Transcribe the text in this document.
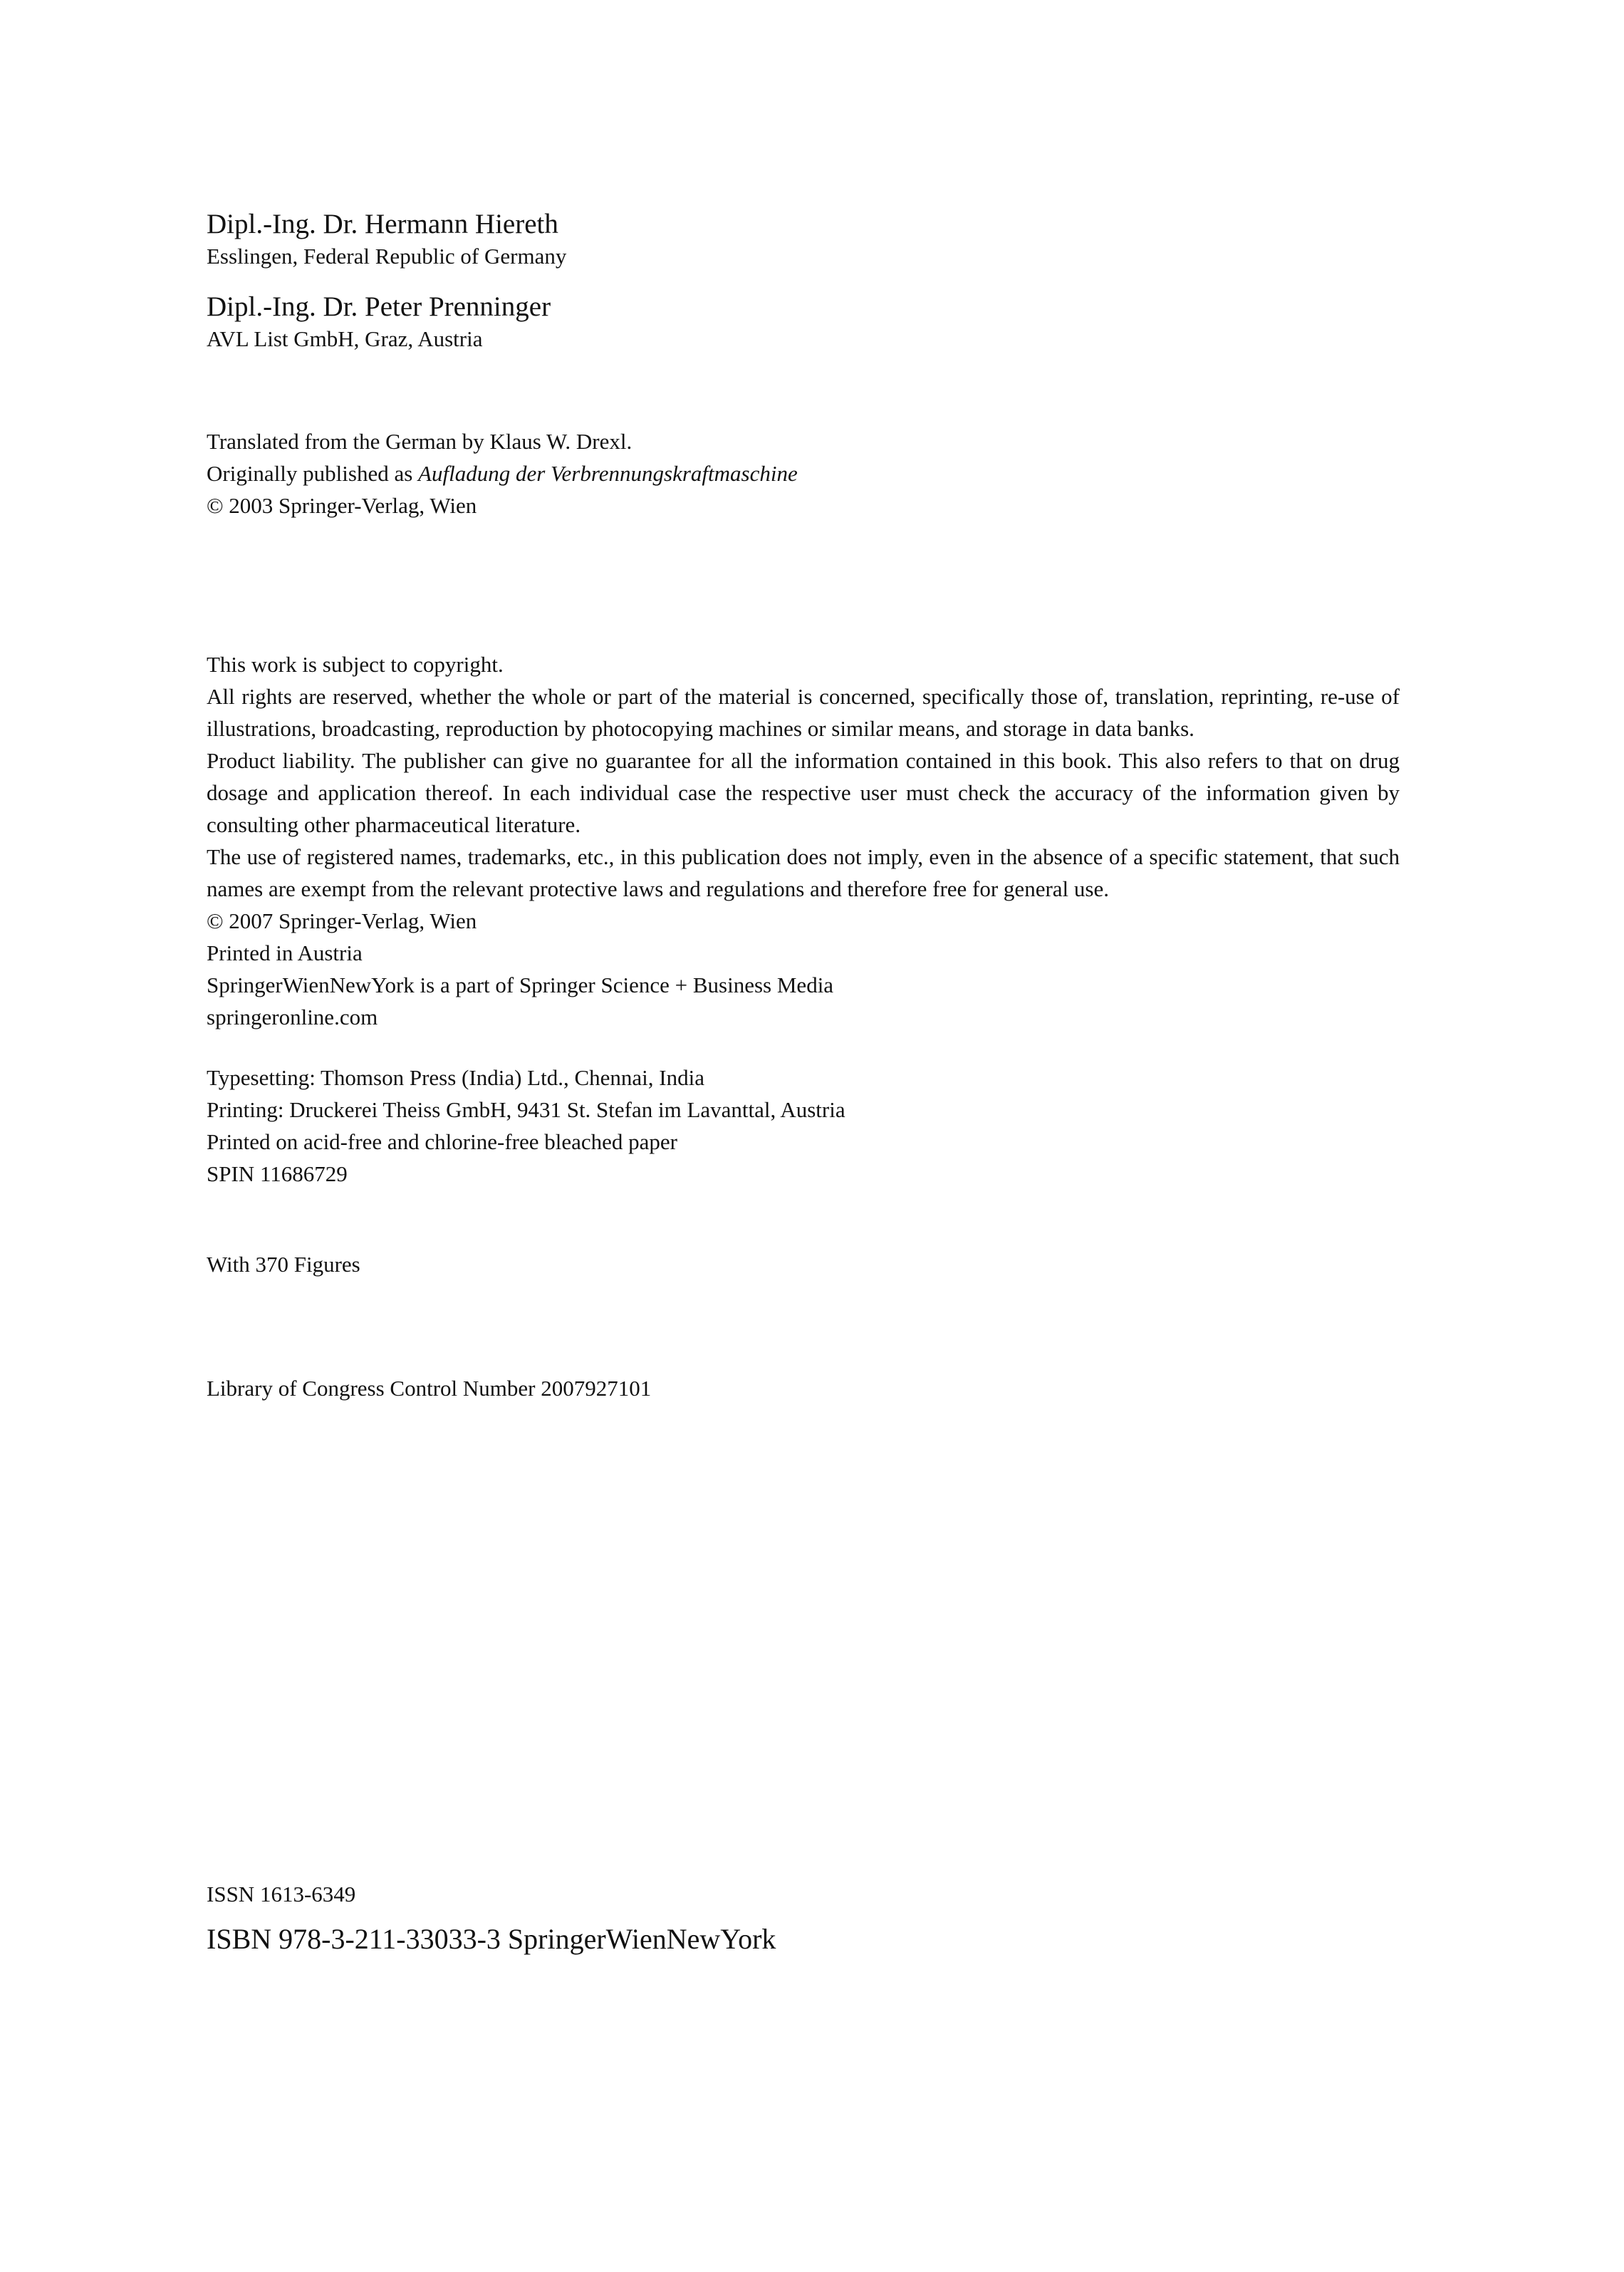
Dipl.-Ing. Dr. Hermann Hiereth
Esslingen, Federal Republic of Germany
Dipl.-Ing. Dr. Peter Prenninger
AVL List GmbH, Graz, Austria
Translated from the German by Klaus W. Drexl.
Originally published as Aufladung der Verbrennungskraftmaschine
© 2003 Springer-Verlag, Wien
This work is subject to copyright.
All rights are reserved, whether the whole or part of the material is concerned, specifically those of, translation, reprinting, re-use of illustrations, broadcasting, reproduction by photocopying machines or similar means, and storage in data banks.
Product liability. The publisher can give no guarantee for all the information contained in this book. This also refers to that on drug dosage and application thereof. In each individual case the respective user must check the accuracy of the information given by consulting other pharmaceutical literature.
The use of registered names, trademarks, etc., in this publication does not imply, even in the absence of a specific statement, that such names are exempt from the relevant protective laws and regulations and therefore free for general use.
© 2007 Springer-Verlag, Wien
Printed in Austria
SpringerWienNewYork is a part of Springer Science + Business Media
springeronline.com
Typesetting: Thomson Press (India) Ltd., Chennai, India
Printing: Druckerei Theiss GmbH, 9431 St. Stefan im Lavanttal, Austria
Printed on acid-free and chlorine-free bleached paper
SPIN 11686729
With 370 Figures
Library of Congress Control Number 2007927101
ISSN 1613-6349
ISBN 978-3-211-33033-3 SpringerWienNewYork
